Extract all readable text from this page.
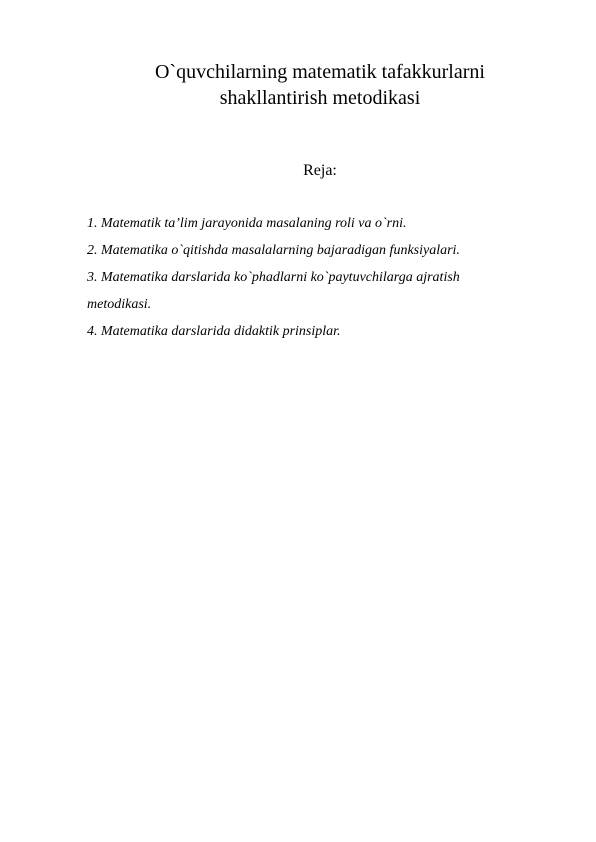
O`quvchilarning matematik tafakkurlarni
shakllantirish metodikasi
Reja:
1. Matematik ta’lim jarayonida masalaning roli va o`rni.
2. Matematika o`qitishda masalalarning bajaradigan funksiyalari.
3. Matematika darslarida ko`phadlarni ko`paytuvchilarga ajratish
metodikasi.
4. Matematika darslarida didaktik prinsiplar.
